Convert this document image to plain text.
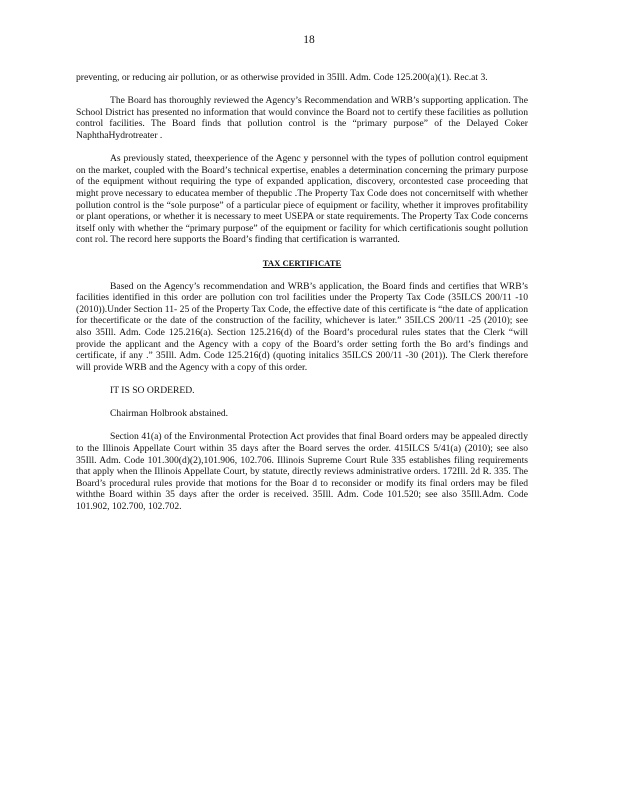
18

preventing, or reducing air pollution, or as otherwise provided in 35Ill. Adm. Code 125.200(a)(1). Rec.at 3.

The Board has thoroughly reviewed the Agency’s Recommendation and WRB’s supporting application. The School District has presented no information that would convince the Board not to certify these facilities as pollution control facilities. The Board finds that pollution control is the “primary purpose” of the Delayed Coker NaphthaHydrotreater .

As previously stated, theexperience of the Agenc y personnel with the types of pollution control equipment on the market, coupled with the Board’s technical expertise, enables a determination concerning the primary purpose of the equipment without requiring the type of expanded application, discovery, orcontested case proceeding that might prove necessary to educatea member of thepublic .The Property Tax Code does not concernitself with whether pollution control is the “sole purpose” of a particular piece of equipment or facility, whether it improves profitability or plant operations, or whether it is necessary to meet USEPA or state requirements. The Property Tax Code concerns itself only with whether the “primary purpose” of the equipment or facility for which certificationis sought pollution cont rol. The record here supports the Board’s finding that certification is warranted.

TAX CERTIFICATE

Based on the Agency’s recommendation and WRB’s application, the Board finds and certifies that WRB’s facilities identified in this order are pollution con trol facilities under the Property Tax Code (35ILCS 200/11 -10 (2010)).Under Section 11- 25 of the Property Tax Code, the effective date of this certificate is “the date of application for thecertificate or the date of the construction of the facility, whichever is later.” 35ILCS 200/11 -25 (2010); see also 35Ill. Adm. Code 125.216(a). Section 125.216(d) of the Board’s procedural rules states that the Clerk “will provide the applicant and the Agency with a copy of the Board’s order setting forth the Bo ard’s findings and certificate, if any .” 35Ill. Adm. Code 125.216(d) (quoting initalics 35ILCS 200/11 -30 (201)). The Clerk therefore will provide WRB and the Agency with a copy of this order.

IT IS SO ORDERED.

Chairman Holbrook abstained.

Section 41(a) of the Environmental Protection Act provides that final Board orders may be appealed directly to the Illinois Appellate Court within 35 days after the Board serves the order. 415ILCS 5/41(a) (2010); see also 35Ill. Adm. Code 101.300(d)(2),101.906, 102.706. Illinois Supreme Court Rule 335 establishes filing requirements that apply when the Illinois Appellate Court, by statute, directly reviews administrative orders. 172Ill. 2d R. 335. The Board’s procedural rules provide that motions for the Boar d to reconsider or modify its final orders may be filed withthe Board within 35 days after the order is received. 35Ill. Adm. Code 101.520; see also 35Ill.Adm. Code 101.902, 102.700, 102.702.
